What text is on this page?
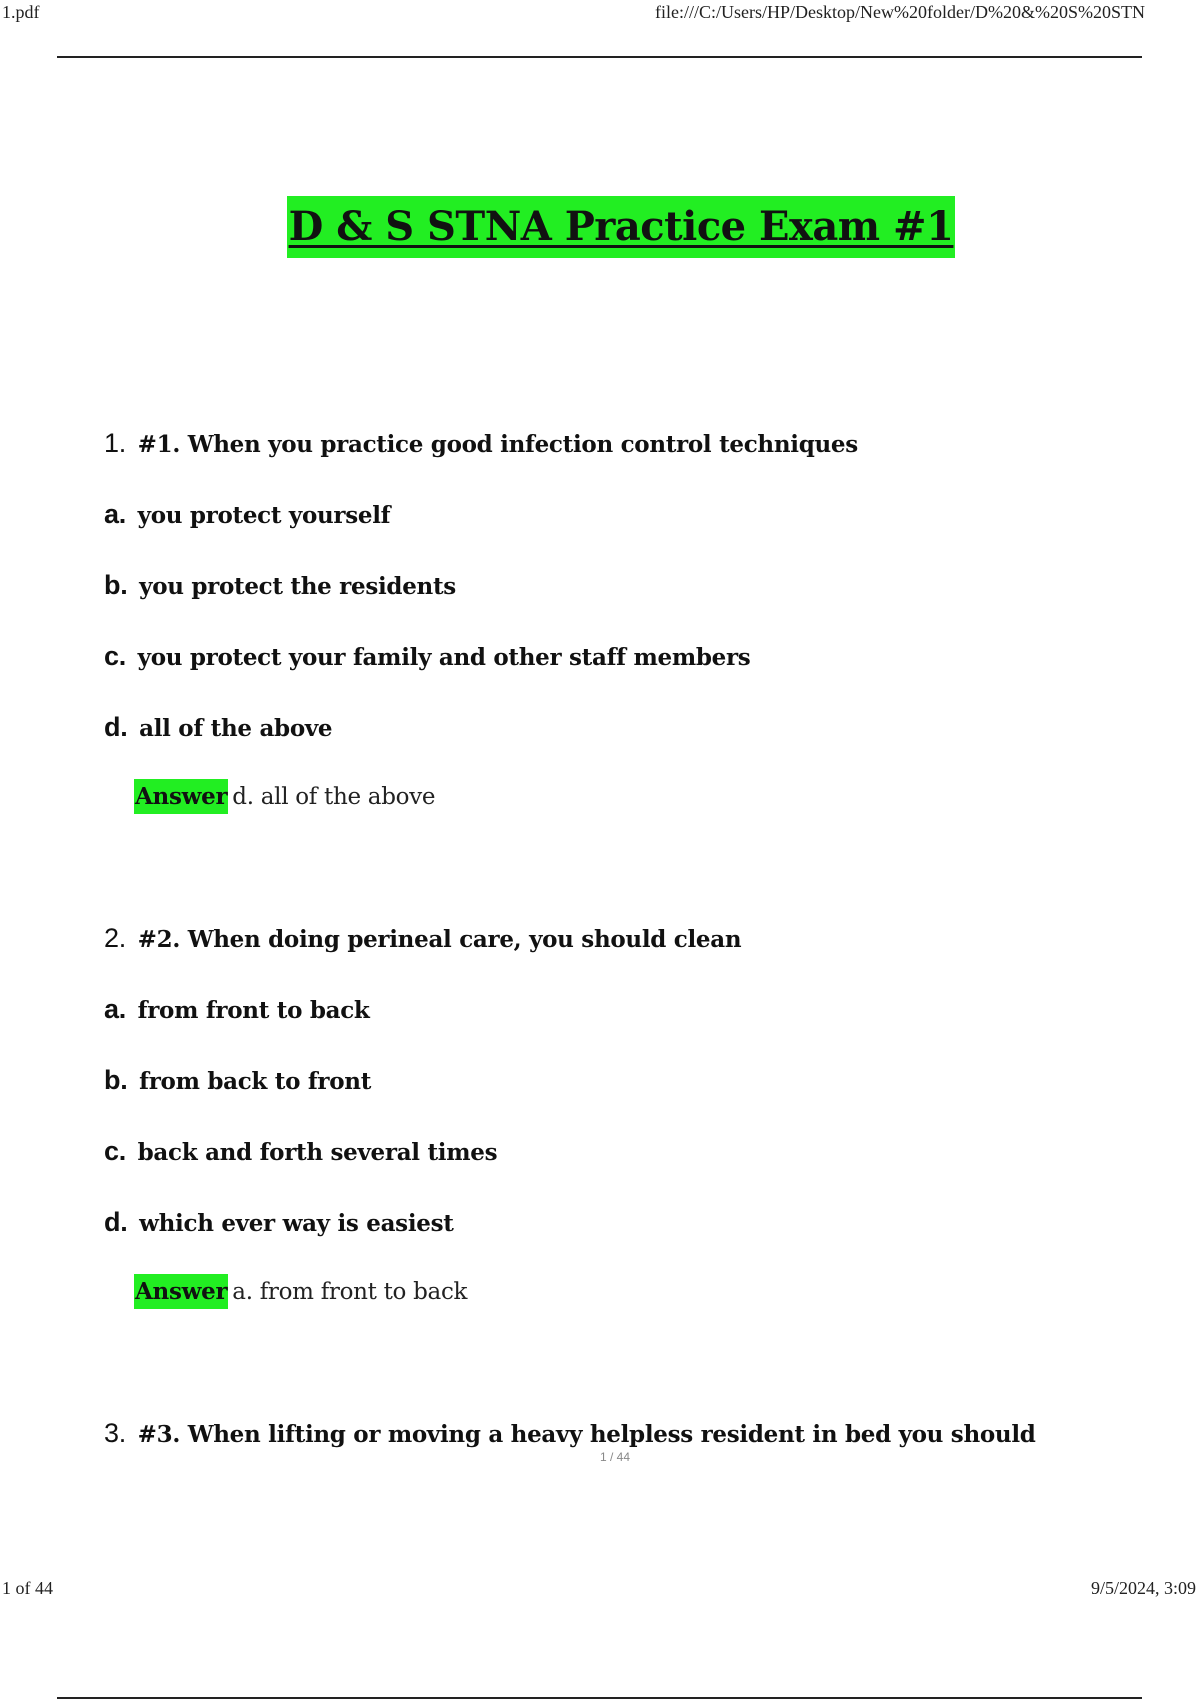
1.pdf	file:///C:/Users/HP/Desktop/New%20folder/D%20&%20S%20STN
D & S STNA Practice Exam #1
1. #1. When you practice good infection control techniques
a. you protect yourself
b. you protect the residents
c. you protect your family and other staff members
d. all of the above
Answer d. all of the above
2. #2. When doing perineal care, you should clean
a. from front to back
b. from back to front
c. back and forth several times
d. which ever way is easiest
Answer a. from front to back
3. #3. When lifting or moving a heavy helpless resident in bed you should
1 / 44
1 of 44	9/5/2024, 3:09
